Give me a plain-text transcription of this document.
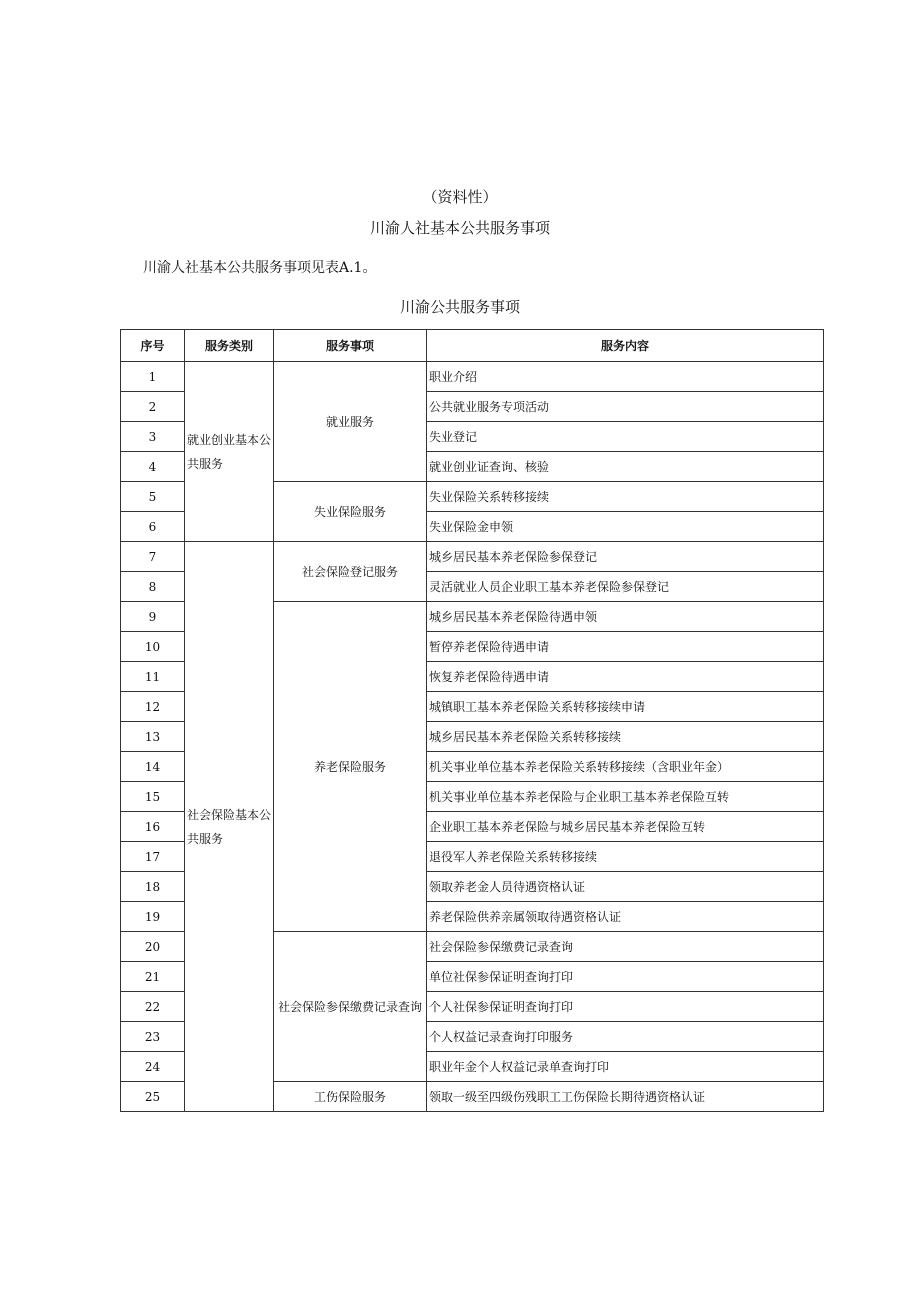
（资料性）
川渝人社基本公共服务事项
川渝人社基本公共服务事项见表A.1。
川渝公共服务事项
序号	服务类别	服务事项	服务内容
1	就业创业基本公共服务	就业服务	职业介绍
2			公共就业服务专项活动
3			失业登记
4			就业创业证查询、核验
5		失业保险服务	失业保险关系转移接续
6			失业保险金申领
7	社会保险基本公共服务	社会保险登记服务	城乡居民基本养老保险参保登记
8			灵活就业人员企业职工基本养老保险参保登记
9		养老保险服务	城乡居民基本养老保险待遇申领
10			暂停养老保险待遇申请
11			恢复养老保险待遇申请
12			城镇职工基本养老保险关系转移接续申请
13			城乡居民基本养老保险关系转移接续
14			机关事业单位基本养老保险关系转移接续（含职业年金）
15			机关事业单位基本养老保险与企业职工基本养老保险互转
16			企业职工基本养老保险与城乡居民基本养老保险互转
17			退役军人养老保险关系转移接续
18			领取养老金人员待遇资格认证
19			养老保险供养亲属领取待遇资格认证
20		社会保险参保缴费记录查询	社会保险参保缴费记录查询
21			单位社保参保证明查询打印
22			个人社保参保证明查询打印
23			个人权益记录查询打印服务
24			职业年金个人权益记录单查询打印
25		工伤保险服务	领取一级至四级伤残职工工伤保险长期待遇资格认证
